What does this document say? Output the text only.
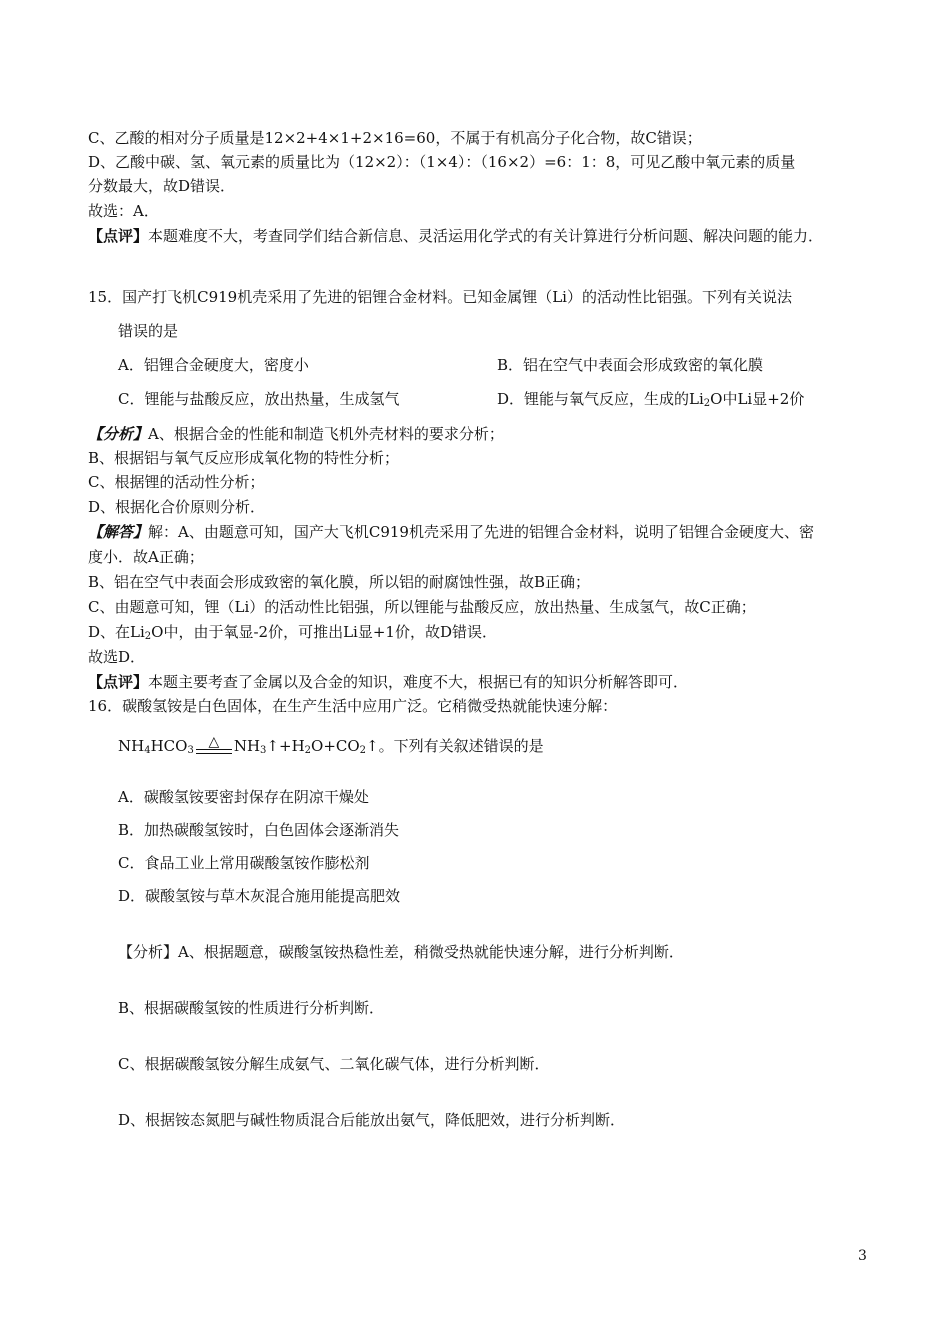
C、乙酸的相对分子质量是12×2+4×1+2×16=60，不属于有机高分子化合物，故C错误；
D、乙酸中碳、氢、氧元素的质量比为（12×2）：（1×4）：（16×2）=6：1：8，可见乙酸中氧元素的质量
分数最大，故D错误．
故选：A．
【点评】本题难度不大，考查同学们结合新信息、灵活运用化学式的有关计算进行分析问题、解决问题的能力．
15．国产打飞机C919机壳采用了先进的铝锂合金材料。已知金属锂（Li）的活动性比铝强。下列有关说法
错误的是
A．铝锂合金硬度大，密度小	B．铝在空气中表面会形成致密的氧化膜
C．锂能与盐酸反应，放出热量，生成氢气	D．锂能与氧气反应，生成的$Li_2O$中Li显+2价
【分析】A、根据合金的性能和制造飞机外壳材料的要求分析；
B、根据铝与氧气反应形成氧化物的特性分析；
C、根据锂的活动性分析；
D、根据化合价原则分析．
【解答】解：A、由题意可知，国产大飞机C919机壳采用了先进的铝锂合金材料，说明了铝锂合金硬度大、密
度小．故A正确；
B、铝在空气中表面会形成致密的氧化膜，所以铝的耐腐蚀性强，故B正确；
C、由题意可知，锂（Li）的活动性比铝强，所以锂能与盐酸反应，放出热量、生成氢气，故C正确；
D、在$Li_2O$中，由于氧显-2价，可推出Li显+1价，故D错误．
故选D．
【点评】本题主要考查了金属以及合金的知识，难度不大，根据已有的知识分析解答即可．
16．碳酸氢铵是白色固体，在生产生活中应用广泛。它稍微受热就能快速分解：
$NH_4HCO_3$
△ $NH_3↑+H_2O+CO_2↑$。下列有关叙述错误的是
A．碳酸氢铵要密封保存在阴凉干燥处
B．加热碳酸氢铵时，白色固体会逐渐消失
C．食品工业上常用碳酸氢铵作膨松剂
D．碳酸氢铵与草木灰混合施用能提高肥效
【分析】A、根据题意，碳酸氢铵热稳性差，稍微受热就能快速分解，进行分析判断．
B、根据碳酸氢铵的性质进行分析判断．
C、根据碳酸氢铵分解生成氨气、二氧化碳气体，进行分析判断．
D、根据铵态氮肥与碱性物质混合后能放出氨气，降低肥效，进行分析判断．
3
